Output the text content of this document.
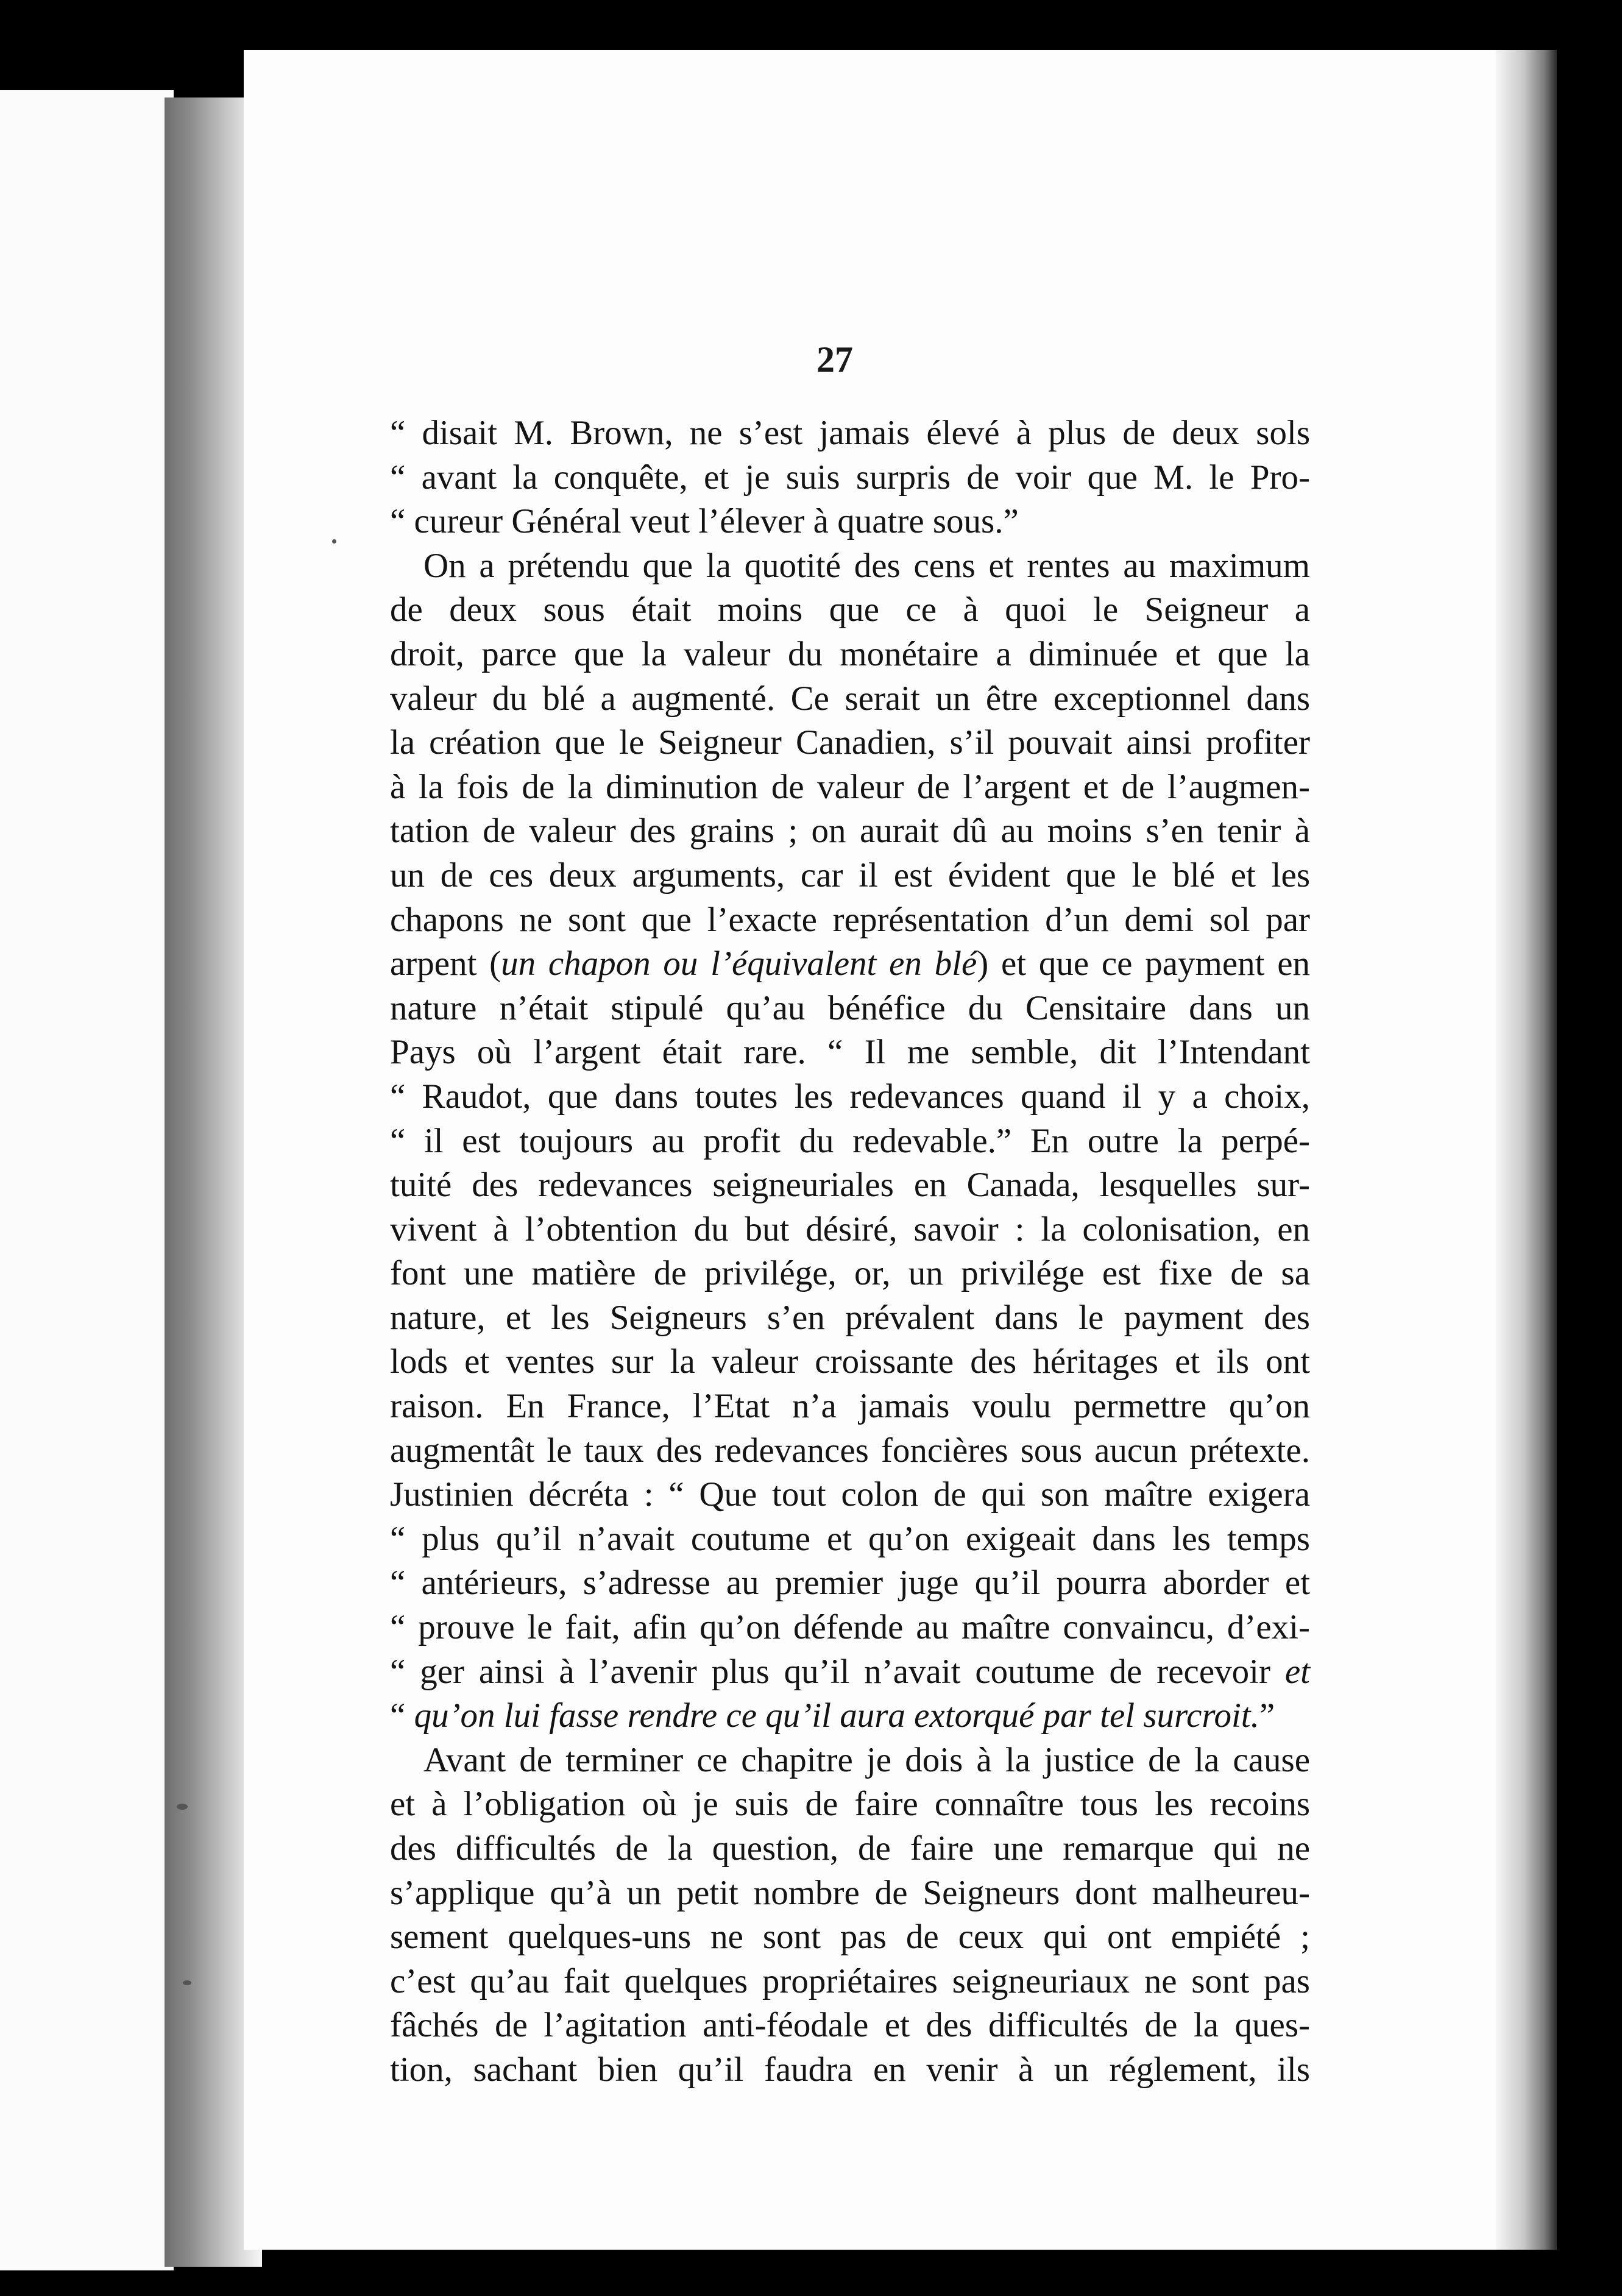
27
“ disait M. Brown, ne s’est jamais élevé à plus de deux sols
“ avant la conquête, et je suis surpris de voir que M. le Pro-
“ cureur Général veut l’élever à quatre sous.”
On a prétendu que la quotité des cens et rentes au maximum
de deux sous était moins que ce à quoi le Seigneur a
droit, parce que la valeur du monétaire a diminuée et que la
valeur du blé a augmenté. Ce serait un être exceptionnel dans
la création que le Seigneur Canadien, s’il pouvait ainsi profiter
à la fois de la diminution de valeur de l’argent et de l’augmen-
tation de valeur des grains ; on aurait dû au moins s’en tenir à
un de ces deux arguments, car il est évident que le blé et les
chapons ne sont que l’exacte représentation d’un demi sol par
arpent (un chapon ou l’équivalent en blé) et que ce payment en
nature n’était stipulé qu’au bénéfice du Censitaire dans un
Pays où l’argent était rare. “ Il me semble, dit l’Intendant
“ Raudot, que dans toutes les redevances quand il y a choix,
“ il est toujours au profit du redevable.” En outre la perpé-
tuité des redevances seigneuriales en Canada, lesquelles sur-
vivent à l’obtention du but désiré, savoir : la colonisation, en
font une matière de privilége, or, un privilége est fixe de sa
nature, et les Seigneurs s’en prévalent dans le payment des
lods et ventes sur la valeur croissante des héritages et ils ont
raison. En France, l’Etat n’a jamais voulu permettre qu’on
augmentât le taux des redevances foncières sous aucun prétexte.
Justinien décréta : “ Que tout colon de qui son maître exigera
“ plus qu’il n’avait coutume et qu’on exigeait dans les temps
“ antérieurs, s’adresse au premier juge qu’il pourra aborder et
“ prouve le fait, afin qu’on défende au maître convaincu, d’exi-
“ ger ainsi à l’avenir plus qu’il n’avait coutume de recevoir et
“ qu’on lui fasse rendre ce qu’il aura extorqué par tel surcroit.”
Avant de terminer ce chapitre je dois à la justice de la cause
et à l’obligation où je suis de faire connaître tous les recoins
des difficultés de la question, de faire une remarque qui ne
s’applique qu’à un petit nombre de Seigneurs dont malheureu-
sement quelques-uns ne sont pas de ceux qui ont empiété ;
c’est qu’au fait quelques propriétaires seigneuriaux ne sont pas
fâchés de l’agitation anti-féodale et des difficultés de la ques-
tion, sachant bien qu’il faudra en venir à un réglement, ils
